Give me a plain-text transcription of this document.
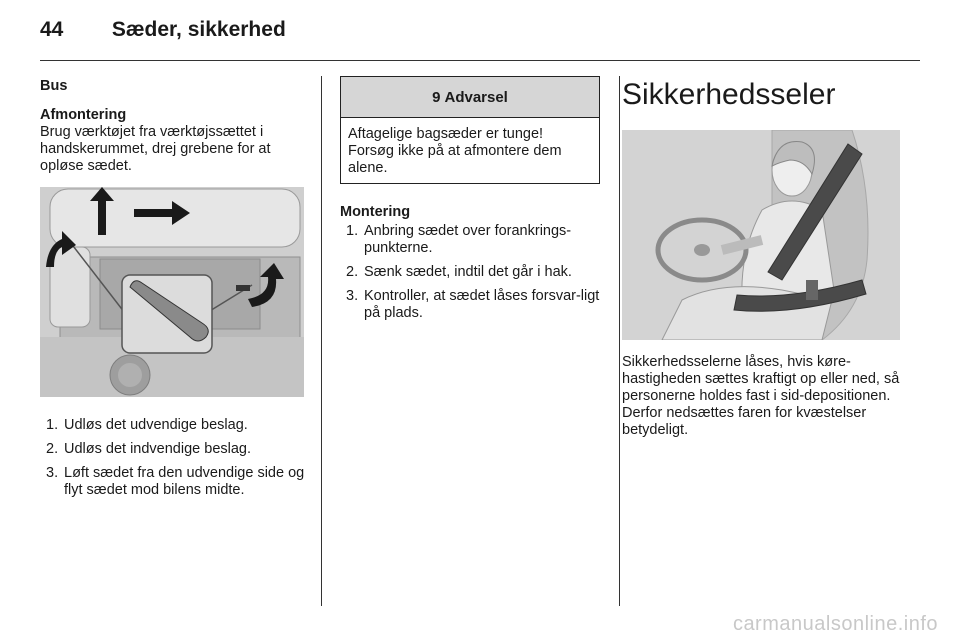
44 Sæder, sikkerhed
Bus
Afmontering

Brug værktøjet fra værktøjssættet i handskerummet, drej grebene for at opløse sædet.

1. Udløs det udvendige beslag.
2. Udløs det indvendige beslag.
3. Løft sædet fra den udvendige side og flyt sædet mod bilens midte.
9 Advarsel
Aftagelige bagsæder er tunge! Forsøg ikke på at afmontere dem alene.
Montering
1. Anbring sædet over forankrings-punkterne.
2. Sænk sædet, indtil det går i hak.
3. Kontroller, at sædet låses forsvar-ligt på plads.
Sikkerhedsseler

Sikkerhedsselerne låses, hvis køre-hastigheden sættes kraftigt op eller ned, så personerne holdes fast i sid-depositionen. Derfor nedsættes faren for kvæstelser betydeligt.

carmanualsonline.info
